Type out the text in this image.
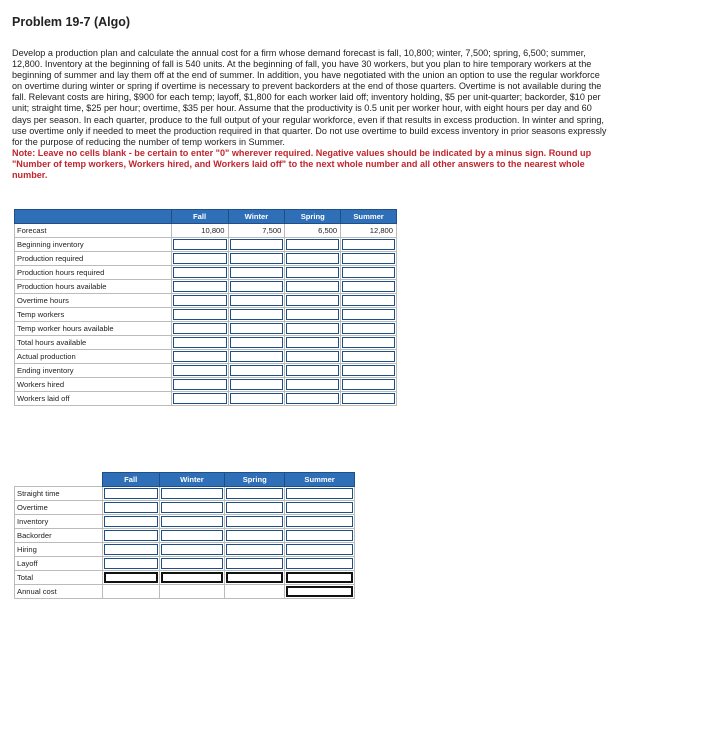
Problem 19-7 (Algo)

Develop a production plan and calculate the annual cost for a firm whose demand forecast is fall, 10,800; winter, 7,500; spring, 6,500; summer, 12,800. Inventory at the beginning of fall is 540 units. At the beginning of fall, you have 30 workers, but you plan to hire temporary workers at the beginning of summer and lay them off at the end of summer. In addition, you have negotiated with the union an option to use the regular workforce on overtime during winter or spring if overtime is necessary to prevent backorders at the end of those quarters. Overtime is not available during the fall. Relevant costs are hiring, $900 for each temp; layoff, $1,800 for each worker laid off; inventory holding, $5 per unit-quarter; backorder, $10 per unit; straight time, $25 per hour; overtime, $35 per hour. Assume that the productivity is 0.5 unit per worker hour, with eight hours per day and 60 days per season. In each quarter, produce to the full output of your regular workforce, even if that results in excess production. In winter and spring, use overtime only if needed to meet the production required in that quarter. Do not use overtime to build excess inventory in prior seasons expressly for the purpose of reducing the number of temp workers in Summer.

Note: Leave no cells blank - be certain to enter "0" wherever required. Negative values should be indicated by a minus sign. Round up "Number of temp workers, Workers hired, and Workers laid off" to the next whole number and all other answers to the nearest whole number.

	Fall	Winter	Spring	Summer
Forecast	10,800	7,500	6,500	12,800
Beginning inventory	

Production required	

Production hours required	

Production hours available	

Overtime hours	

Temp workers	

Temp worker hours available	

Total hours available	

Actual production	

Ending inventory	

Workers hired	

Workers laid off	

	Fall	Winter	Spring	Summer
Straight time	

Overtime	

Inventory	

Backorder	

Hiring	

Layoff	

Total	

Annual cost				
